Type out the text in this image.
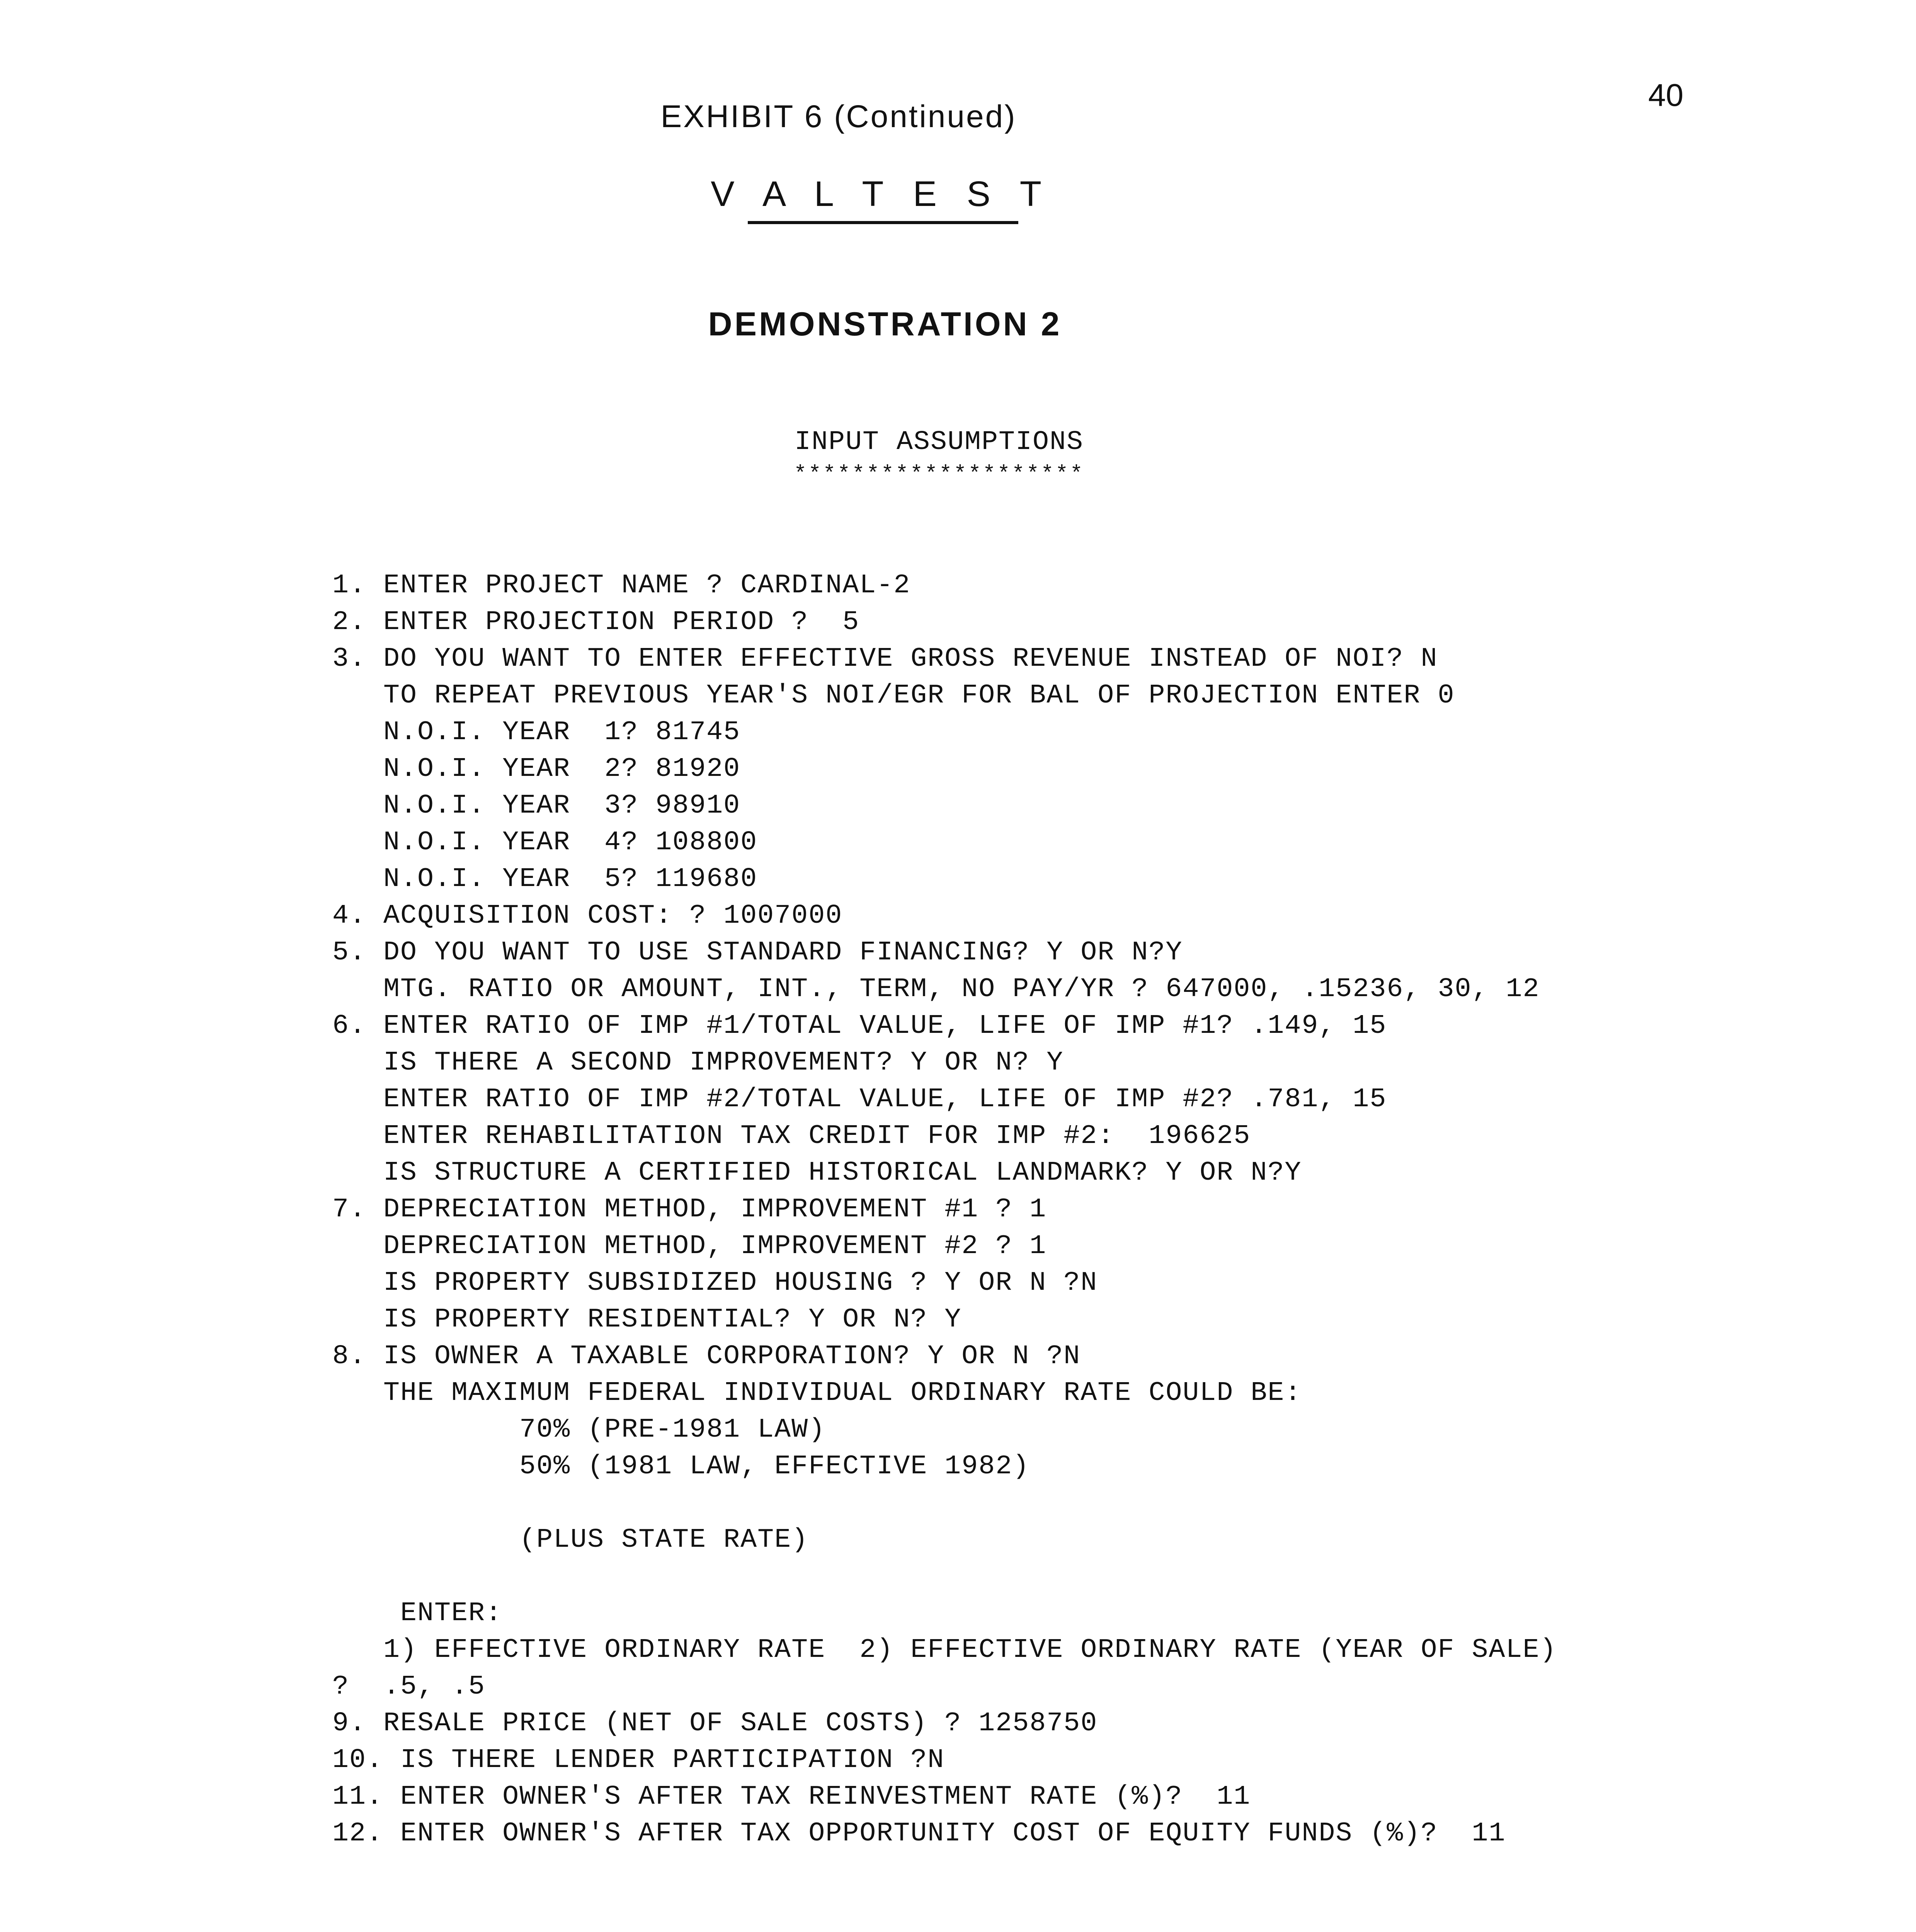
40
EXHIBIT 6 (Continued)
V A L T E S T
DEMONSTRATION 2
INPUT ASSUMPTIONS
********************
1. ENTER PROJECT NAME ? CARDINAL-2
2. ENTER PROJECTION PERIOD ?  5
3. DO YOU WANT TO ENTER EFFECTIVE GROSS REVENUE INSTEAD OF NOI? N
TO REPEAT PREVIOUS YEAR'S NOI/EGR FOR BAL OF PROJECTION ENTER 0
N.O.I. YEAR  1? 81745
N.O.I. YEAR  2? 81920
N.O.I. YEAR  3? 98910
N.O.I. YEAR  4? 108800
N.O.I. YEAR  5? 119680
4. ACQUISITION COST: ? 1007000
5. DO YOU WANT TO USE STANDARD FINANCING? Y OR N?Y
MTG. RATIO OR AMOUNT, INT., TERM, NO PAY/YR ? 647000, .15236, 30, 12
6. ENTER RATIO OF IMP #1/TOTAL VALUE, LIFE OF IMP #1? .149, 15
IS THERE A SECOND IMPROVEMENT? Y OR N? Y
ENTER RATIO OF IMP #2/TOTAL VALUE, LIFE OF IMP #2? .781, 15
ENTER REHABILITATION TAX CREDIT FOR IMP #2:  196625
IS STRUCTURE A CERTIFIED HISTORICAL LANDMARK? Y OR N?Y
7. DEPRECIATION METHOD, IMPROVEMENT #1 ? 1
DEPRECIATION METHOD, IMPROVEMENT #2 ? 1
IS PROPERTY SUBSIDIZED HOUSING ? Y OR N ?N
IS PROPERTY RESIDENTIAL? Y OR N? Y
8. IS OWNER A TAXABLE CORPORATION? Y OR N ?N
THE MAXIMUM FEDERAL INDIVIDUAL ORDINARY RATE COULD BE:
70% (PRE-1981 LAW)
50% (1981 LAW, EFFECTIVE 1982)
(PLUS STATE RATE)
ENTER:
1) EFFECTIVE ORDINARY RATE  2) EFFECTIVE ORDINARY RATE (YEAR OF SALE)
?  .5, .5
9. RESALE PRICE (NET OF SALE COSTS) ? 1258750
10. IS THERE LENDER PARTICIPATION ?N
11. ENTER OWNER'S AFTER TAX REINVESTMENT RATE (%)?  11
12. ENTER OWNER'S AFTER TAX OPPORTUNITY COST OF EQUITY FUNDS (%)?  11
